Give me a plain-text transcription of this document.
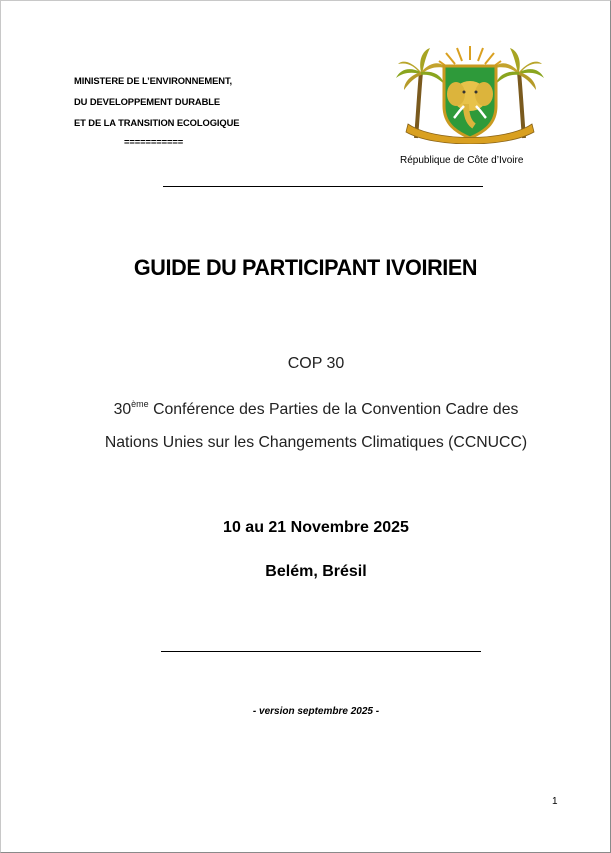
MINISTERE DE L’ENVIRONNEMENT,
DU DEVELOPPEMENT DURABLE
ET DE LA TRANSITION ECOLOGIQUE
===========
République de Côte d’Ivoire
GUIDE DU PARTICIPANT IVOIRIEN
COP 30
30ème Conférence des Parties de la Convention Cadre des
Nations Unies sur les Changements Climatiques (CCNUCC)
10 au 21 Novembre 2025
Belém, Brésil
- version septembre 2025 -
1
